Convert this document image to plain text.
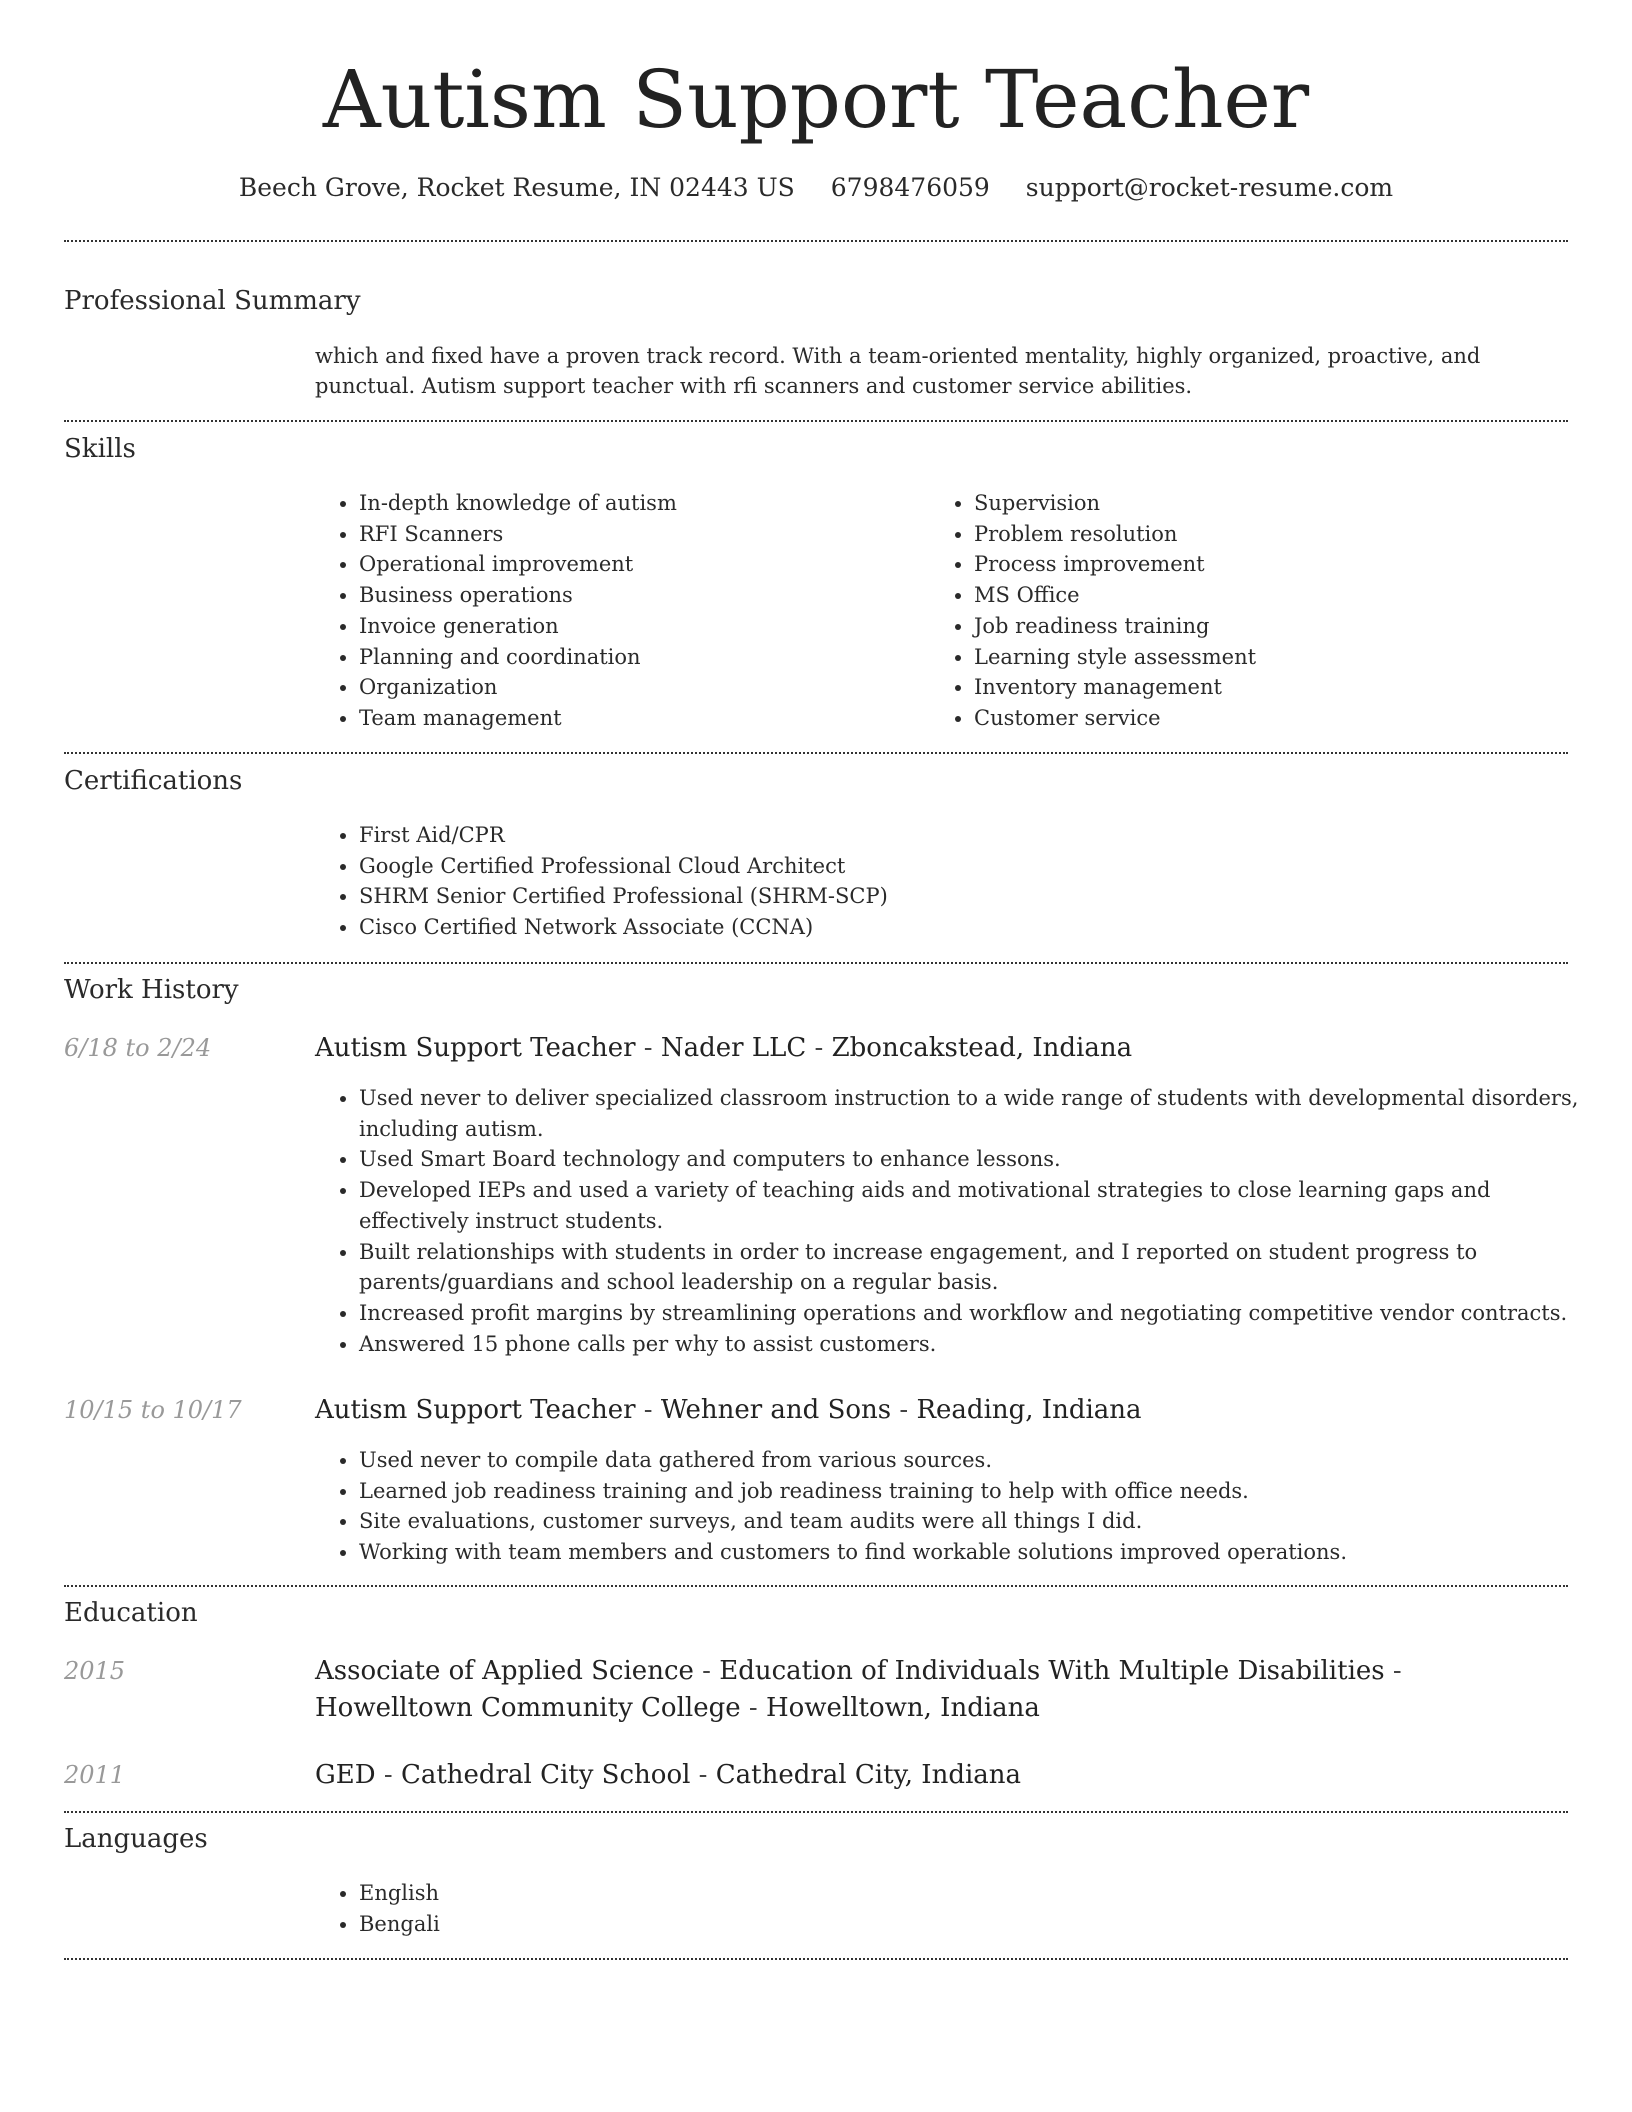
Autism Support Teacher
Beech Grove, Rocket Resume, IN 02443 US 6798476059 support@rocket-resume.com
Professional Summary
which and fixed have a proven track record. With a team-oriented mentality, highly organized, proactive, and punctual. Autism support teacher with rfi scanners and customer service abilities.
Skills
• In-depth knowledge of autism
• RFI Scanners
• Operational improvement
• Business operations
• Invoice generation
• Planning and coordination
• Organization
• Team management
• Supervision
• Problem resolution
• Process improvement
• MS Office
• Job readiness training
• Learning style assessment
• Inventory management
• Customer service
Certifications
• First Aid/CPR
• Google Certified Professional Cloud Architect
• SHRM Senior Certified Professional (SHRM-SCP)
• Cisco Certified Network Associate (CCNA)
Work History
6/18 to 2/24	Autism Support Teacher - Nader LLC - Zboncakstead, Indiana
• Used never to deliver specialized classroom instruction to a wide range of students with developmental disorders, including autism.
• Used Smart Board technology and computers to enhance lessons.
• Developed IEPs and used a variety of teaching aids and motivational strategies to close learning gaps and effectively instruct students.
• Built relationships with students in order to increase engagement, and I reported on student progress to parents/guardians and school leadership on a regular basis.
• Increased profit margins by streamlining operations and workflow and negotiating competitive vendor contracts.
• Answered 15 phone calls per why to assist customers.
10/15 to 10/17	Autism Support Teacher - Wehner and Sons - Reading, Indiana
• Used never to compile data gathered from various sources.
• Learned job readiness training and job readiness training to help with office needs.
• Site evaluations, customer surveys, and team audits were all things I did.
• Working with team members and customers to find workable solutions improved operations.
Education
2015	Associate of Applied Science - Education of Individuals With Multiple Disabilities - Howelltown Community College - Howelltown, Indiana
2011	GED - Cathedral City School - Cathedral City, Indiana
Languages
• English
• Bengali
